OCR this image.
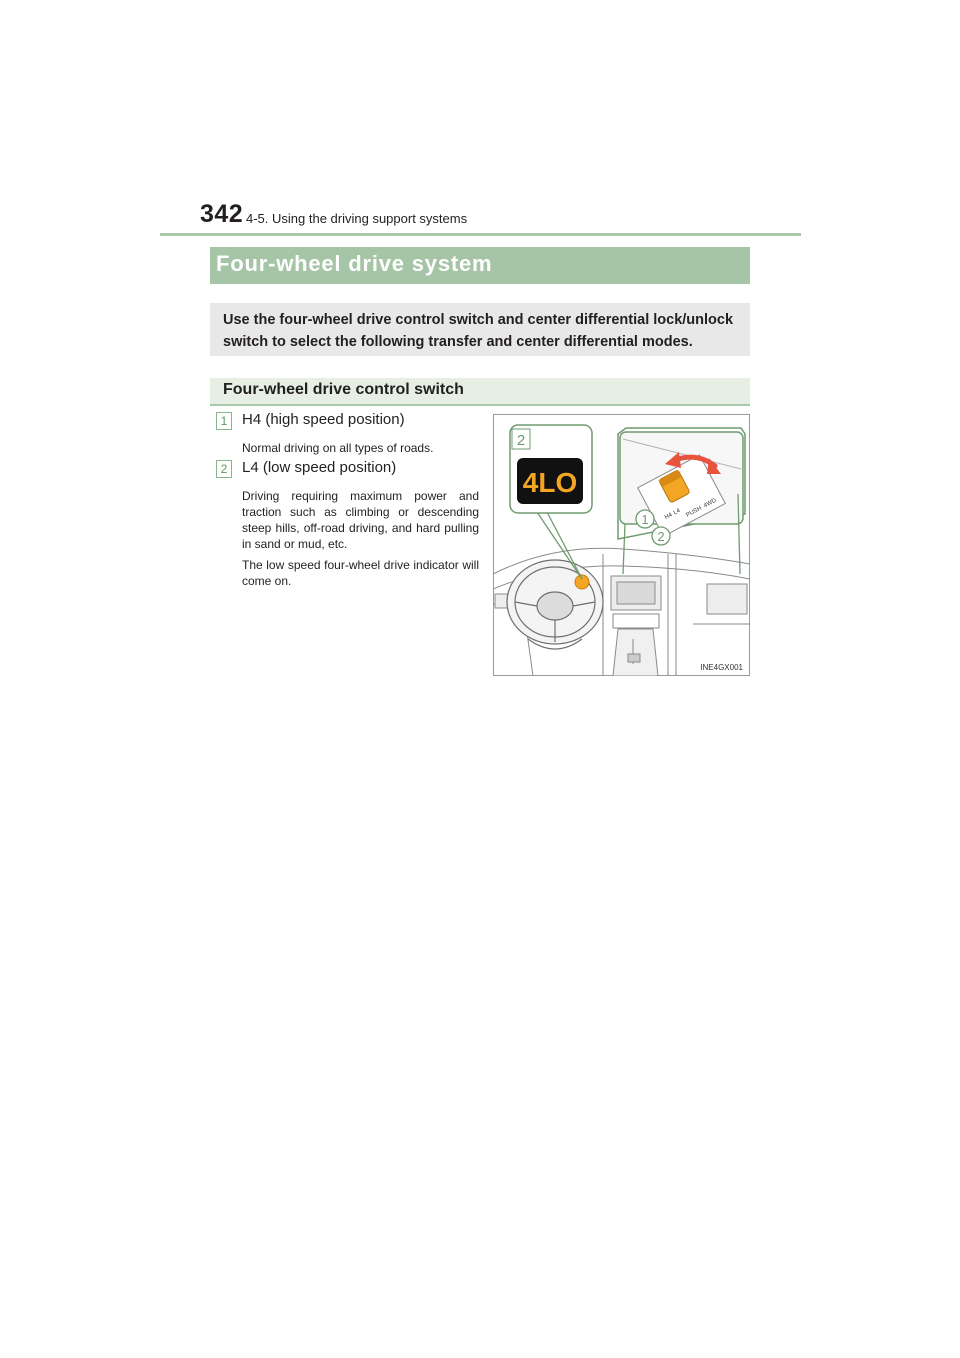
342 4-5. Using the driving support systems
Four-wheel drive system
Use the four-wheel drive control switch and center differential lock/unlock switch to select the following transfer and center differential modes.
Four-wheel drive control switch
1 H4 (high speed position)
Normal driving on all types of roads.
2 L4 (low speed position)
Driving requiring maximum power and traction such as climbing or descending steep hills, off-road driving, and hard pulling in sand or mud, etc.
The low speed four-wheel drive indicator will come on.
4LO
2
H4
L4 PUSH
4WD
1
2
INE4GX001
